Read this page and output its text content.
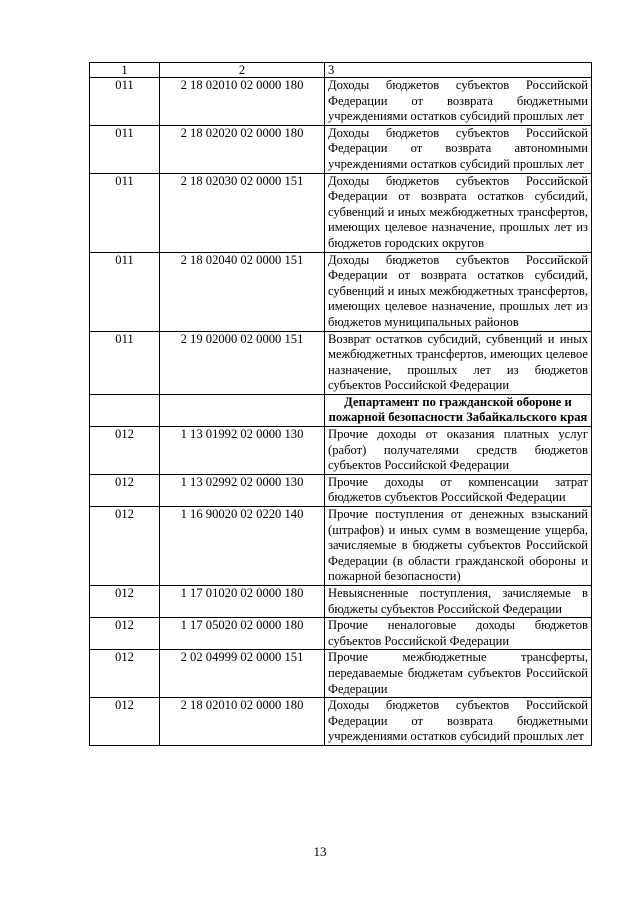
1	2	3
011	2 18 02010 02 0000 180	Доходы бюджетов субъектов Российской Федерации от возврата бюджетными учреждениями остатков субсидий прошлых лет
011	2 18 02020 02 0000 180	Доходы бюджетов субъектов Российской Федерации от возврата автономными учреждениями остатков субсидий прошлых лет
011	2 18 02030 02 0000 151	Доходы бюджетов субъектов Российской Федерации от возврата остатков субсидий, субвенций и иных межбюджетных трансфертов, имеющих целевое назначение, прошлых лет из бюджетов городских округов
011	2 18 02040 02 0000 151	Доходы бюджетов субъектов Российской Федерации от возврата остатков субсидий, субвенций и иных межбюджетных трансфертов, имеющих целевое назначение, прошлых лет из бюджетов муниципальных районов
011	2 19 02000 02 0000 151	Возврат остатков субсидий, субвенций и иных межбюджетных трансфертов, имеющих целевое назначение, прошлых лет из бюджетов субъектов Российской Федерации
		Департамент по гражданской обороне и пожарной безопасности Забайкальского края
012	1 13 01992 02 0000 130	Прочие доходы от оказания платных услуг (работ) получателями средств бюджетов субъектов Российской Федерации
012	1 13 02992 02 0000 130	Прочие доходы от компенсации затрат бюджетов субъектов Российской Федерации
012	1 16 90020 02 0220 140	Прочие поступления от денежных взысканий (штрафов) и иных сумм в возмещение ущерба, зачисляемые в бюджеты субъектов Российской Федерации (в области гражданской обороны и пожарной безопасности)
012	1 17 01020 02 0000 180	Невыясненные поступления, зачисляемые в бюджеты субъектов Российской Федерации
012	1 17 05020 02 0000 180	Прочие неналоговые доходы бюджетов субъектов Российской Федерации
012	2 02 04999 02 0000 151	Прочие межбюджетные трансферты, передаваемые бюджетам субъектов Российской Федерации
012	2 18 02010 02 0000 180	Доходы бюджетов субъектов Российской Федерации от возврата бюджетными учреждениями остатков субсидий прошлых лет
13
